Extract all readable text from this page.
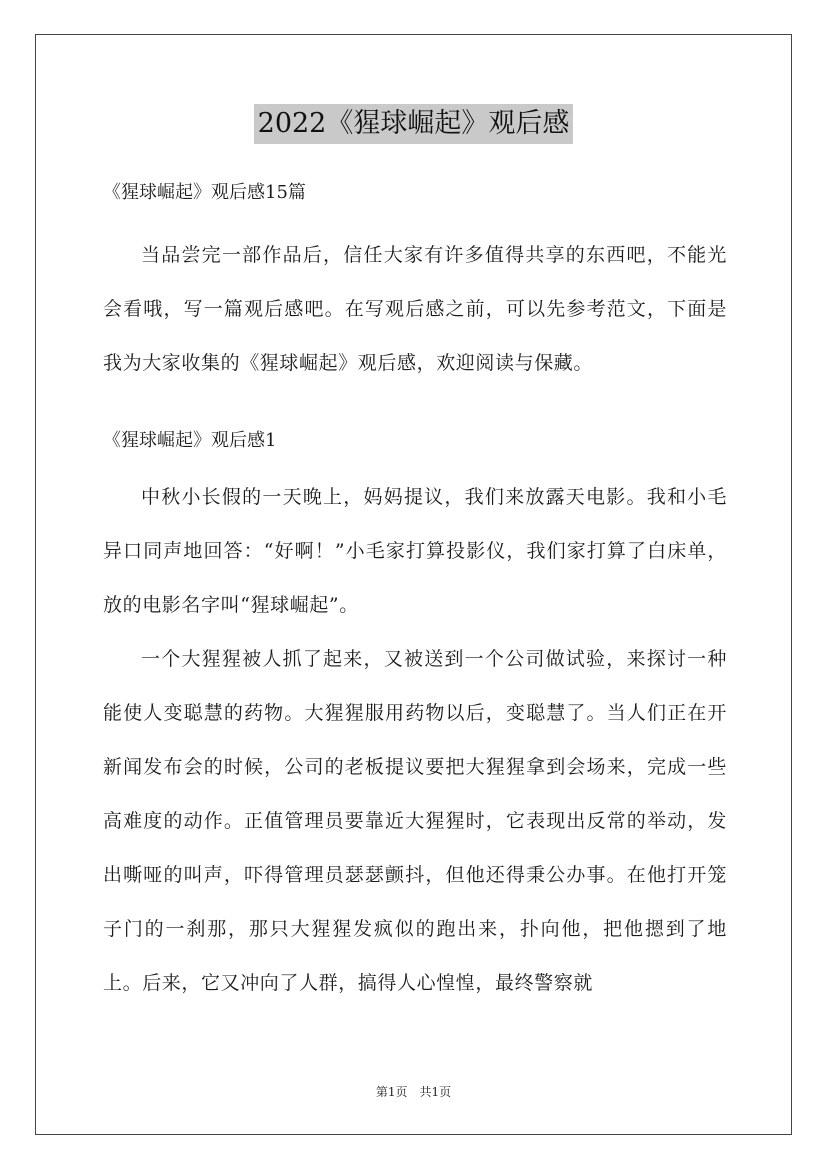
2022《猩球崛起》观后感

《猩球崛起》观后感15篇

当品尝完一部作品后，信任大家有许多值得共享的东西吧，不能光会看哦，写一篇观后感吧。在写观后感之前，可以先参考范文，下面是我为大家收集的《猩球崛起》观后感，欢迎阅读与保藏。

《猩球崛起》观后感1

中秋小长假的一天晚上，妈妈提议，我们来放露天电影。我和小毛异口同声地回答：“好啊！”小毛家打算投影仪，我们家打算了白床单，放的电影名字叫“猩球崛起”。

一个大猩猩被人抓了起来，又被送到一个公司做试验，来探讨一种能使人变聪慧的药物。大猩猩服用药物以后，变聪慧了。当人们正在开新闻发布会的时候，公司的老板提议要把大猩猩拿到会场来，完成一些高难度的动作。正值管理员要靠近大猩猩时，它表现出反常的举动，发出嘶哑的叫声，吓得管理员瑟瑟颤抖，但他还得秉公办事。在他打开笼子门的一刹那，那只大猩猩发疯似的跑出来，扑向他，把他摁到了地上。后来，它又冲向了人群，搞得人心惶惶，最终警察就

第1页　共1页
